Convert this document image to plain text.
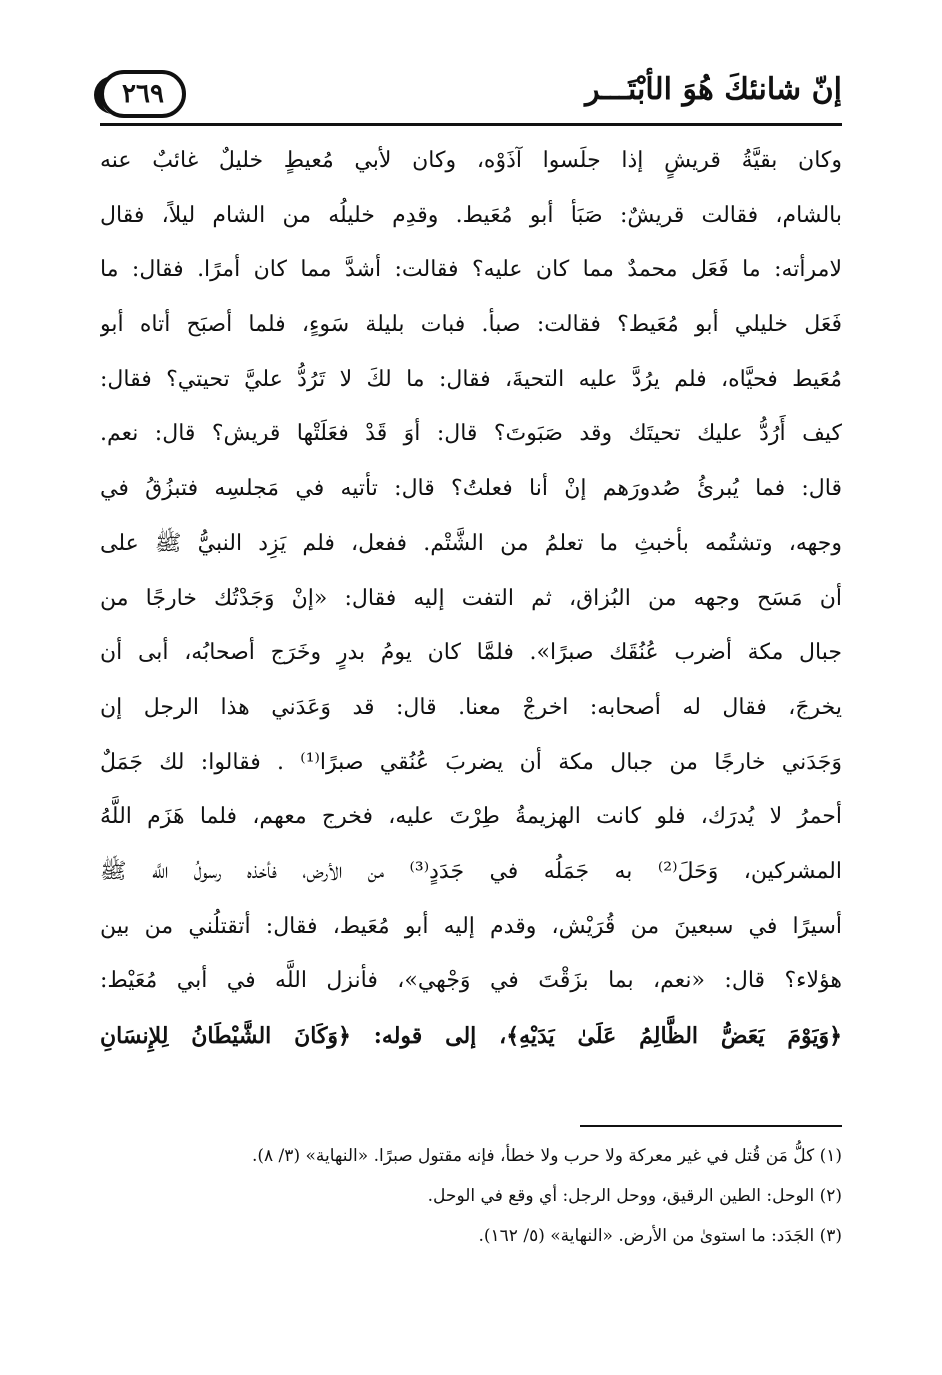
إنّ شانئكَ هُوَ الأبْتَـــر
٢٦٩
وكان بقيَّةُ قريشٍ إذا جلَسوا آذَوْه، وكان لأبي مُعيطٍ خليلٌ غائبٌ عنه
بالشام، فقالت قريشٌ: صَبَأ أبو مُعَيط. وقدِم خليلُه من الشام ليلاً، فقال
لامرأته: ما فَعَل محمدٌ مما كان عليه؟ فقالت: أشدَّ مما كان أمرًا. فقال: ما
فَعَل خليلي أبو مُعَيط؟ فقالت: صبأ. فبات بليلة سَوءٍ، فلما أصبَح أتاه أبو
مُعَيط فحيَّاه، فلم يرُدَّ عليه التحيةَ، فقال: ما لكَ لا تَرُدُّ عليَّ تحيتي؟ فقال:
كيف أَرُدُّ عليك تحيتَك وقد صَبَوتَ؟ قال: أوَ قَدْ فعَلَتْها قريش؟ قال: نعم.
قال: فما يُبرئُ صُدورَهم إنْ أنا فعلتُ؟ قال: تأتيه في مَجلسِه فتبزُقُ في
وجهه، وتشتُمه بأخبثِ ما تعلمُ من الشَّتْم. ففعل، فلم يَزِد النبيُّ ﷺ على
أن مَسَح وجهه من البُزاق، ثم التفت إليه فقال: «إنْ وَجَدْتُك خارجًا من
جبال مكة أضرب عُنُقَك صبرًا». فلمَّا كان يومُ بدرٍ وخَرَج أصحابُه، أبى أن
يخرجَ، فقال له أصحابه: اخرجْ معنا. قال: قد وَعَدَني هذا الرجل إن
وَجَدَني خارجًا من جبال مكة أن يضربَ عُنُقي صبرًا⁽¹⁾ . فقالوا: لك جَمَلٌ
أحمرُ لا يُدرَك، فلو كانت الهزيمةُ طِرْتَ عليه، فخرج معهم، فلما هَزَم اللَّهُ
المشركين، وَحَلَ⁽²⁾ به جَمَلُه في جَدَدٍ⁽³⁾ من الأرض، فأخذه رسولُ اللَّه ﷺ
أسيرًا في سبعينَ من قُرَيْش، وقدم إليه أبو مُعَيط، فقال: أتقتلُني من بين
هؤلاء؟ قال: «نعم، بما بزَقْتَ في وَجْهي»، فأنزل اللَّه في أبي مُعَيْط:
﴿وَيَوْمَ يَعَضُّ الظَّالِمُ عَلَىٰ يَدَيْهِ﴾، إلى قوله: ﴿وَكَانَ الشَّيْطَانُ لِلإِنسَانِ
(١) كلُّ مَن قُتل في غير معركة ولا حرب ولا خطأ، فإنه مقتول صبرًا. «النهاية» (٣/ ٨).
(٢) الوحل: الطين الرقيق، ووحل الرجل: أي وقع في الوحل.
(٣) الجَدَد: ما استوىٰ من الأرض. «النهاية» (٥/ ١٦٢).
